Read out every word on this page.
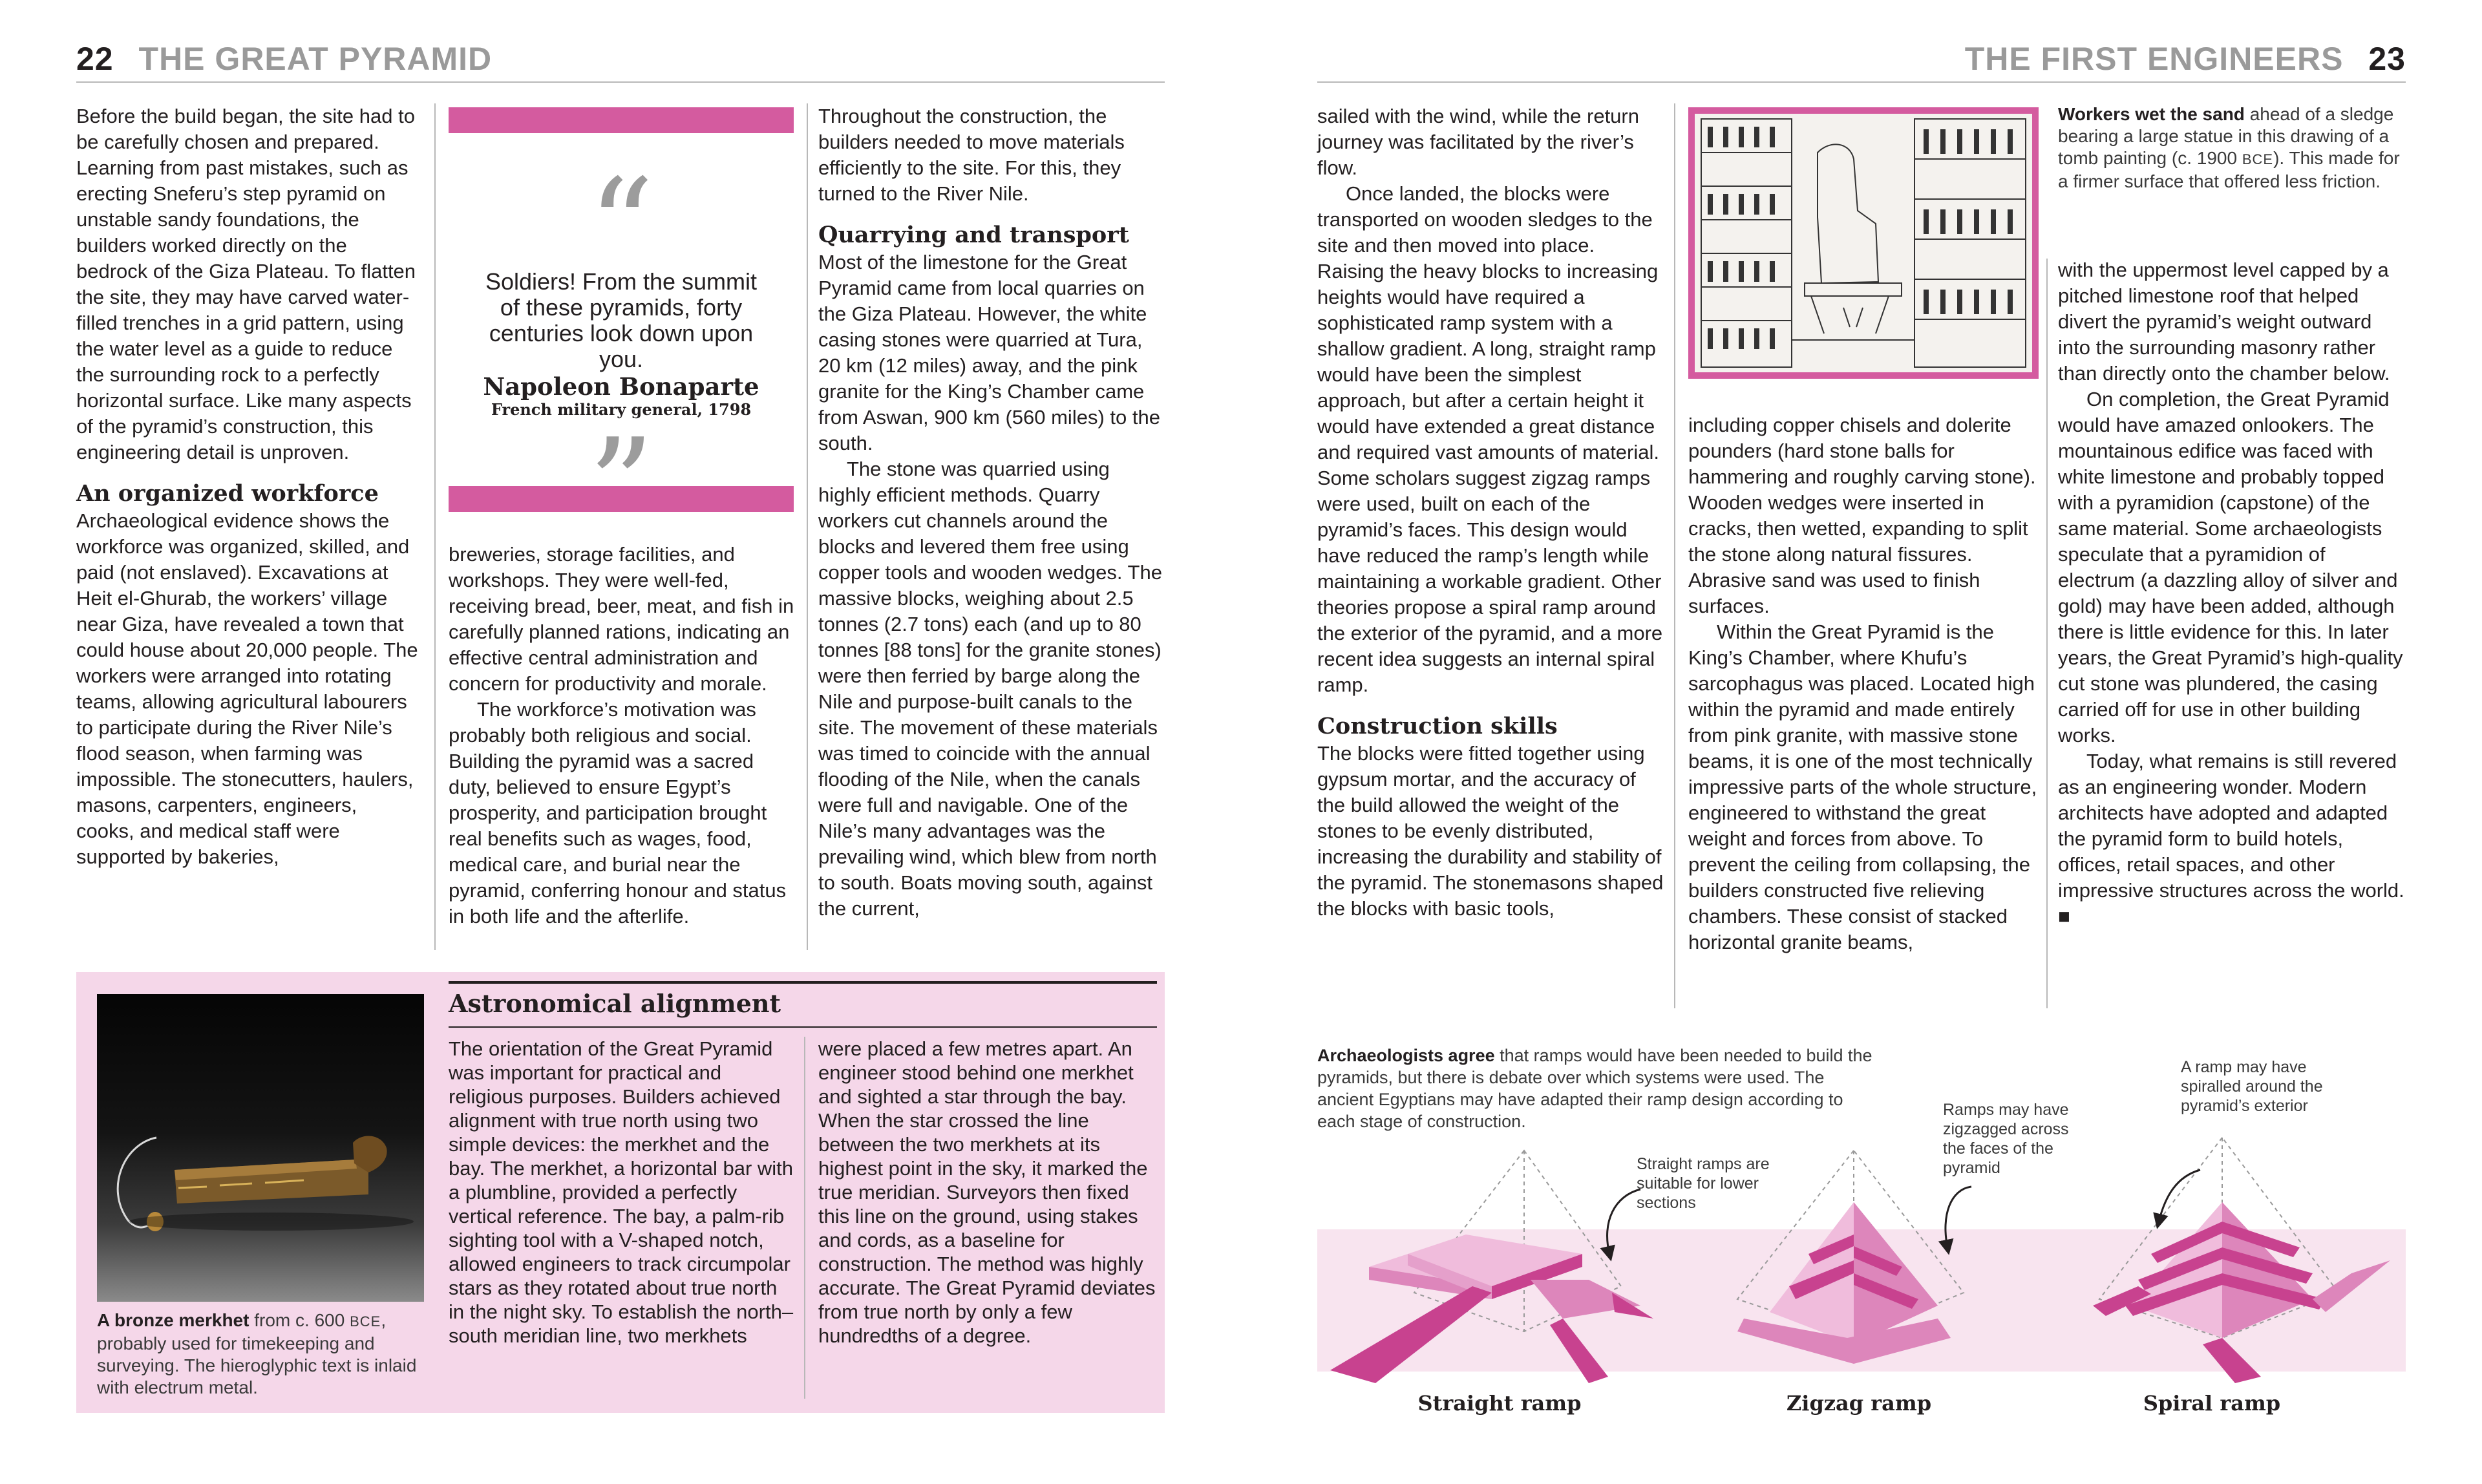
22 THE GREAT PYRAMID

Before the build began, the site had to be carefully chosen and prepared. Learning from past mistakes, such as erecting Sneferu’s step pyramid on unstable sandy foundations, the builders worked directly on the bedrock of the Giza Plateau. To flatten the site, they may have carved water-filled trenches in a grid pattern, using the water level as a guide to reduce the surrounding rock to a perfectly horizontal surface. Like many aspects of the pyramid’s construction, this engineering detail is unproven.

An organized workforce

Archaeological evidence shows the workforce was organized, skilled, and paid (not enslaved). Excavations at Heit el-Ghurab, the workers’ village near Giza, have revealed a town that could house about 20,000 people. The workers were arranged into rotating teams, allowing agricultural labourers to participate during the River Nile’s flood season, when farming was impossible. The stonecutters, haulers, masons, carpenters, engineers, cooks, and medical staff were supported by bakeries,

“
Soldiers! From the summit of these pyramids, forty centuries look down upon you.
Napoleon Bonaparte
French military general, 1798

breweries, storage facilities, and workshops. They were well-fed, receiving bread, beer, meat, and fish in carefully planned rations, indicating an effective central administration and concern for productivity and morale.

The workforce’s motivation was probably both religious and social. Building the pyramid was a sacred duty, believed to ensure Egypt’s prosperity, and participation brought real benefits such as wages, food, medical care, and burial near the pyramid, conferring honour and status in both life and the afterlife.

Throughout the construction, the builders needed to move materials efficiently to the site. For this, they turned to the River Nile.

Quarrying and transport

Most of the limestone for the Great Pyramid came from local quarries on the Giza Plateau. However, the white casing stones were quarried at Tura, 20 km (12 miles) away, and the pink granite for the King’s Chamber came from Aswan, 900 km (560 miles) to the south.

The stone was quarried using highly efficient methods. Quarry workers cut channels around the blocks and levered them free using copper tools and wooden wedges. The massive blocks, weighing about 2.5 tonnes (2.7 tons) each (and up to 80 tonnes [88 tons] for the granite stones) were then ferried by barge along the Nile and purpose-built canals to the site. The movement of these materials was timed to coincide with the annual flooding of the Nile, when the canals were full and navigable. One of the Nile’s many advantages was the prevailing wind, which blew from north to south. Boats moving south, against the current,

A bronze merkhet from c. 600 BCE, probably used for timekeeping and surveying. The hieroglyphic text is inlaid with electrum metal.
Astronomical alignment
The orientation of the Great Pyramid was important for practical and religious purposes. Builders achieved alignment with true north using two simple devices: the merkhet and the bay. The merkhet, a horizontal bar with a plumbline, provided a perfectly vertical reference. The bay, a palm-rib sighting tool with a V-shaped notch, allowed engineers to track circumpolar stars as they rotated about true north in the night sky. To establish the north–south meridian line, two merkhets
were placed a few metres apart. An engineer stood behind one merkhet and sighted a star through the bay. When the star crossed the line between the two merkhets at its highest point in the sky, it marked the true meridian. Surveyors then fixed this line on the ground, using stakes and cords, as a baseline for construction. The method was highly accurate. The Great Pyramid deviates from true north by only a few hundredths of a degree.
THE FIRST ENGINEERS 23

sailed with the wind, while the return journey was facilitated by the river’s flow.

Once landed, the blocks were transported on wooden sledges to the site and then moved into place. Raising the heavy blocks to increasing heights would have required a sophisticated ramp system with a shallow gradient. A long, straight ramp would have been the simplest approach, but after a certain height it would have extended a great distance and required vast amounts of material. Some scholars suggest zigzag ramps were used, built on each of the pyramid’s faces. This design would have reduced the ramp’s length while maintaining a workable gradient. Other theories propose a spiral ramp around the exterior of the pyramid, and a more recent idea suggests an internal spiral ramp.

Construction skills

The blocks were fitted together using gypsum mortar, and the accuracy of the build allowed the weight of the stones to be evenly distributed, increasing the durability and stability of the pyramid. The stonemasons shaped the blocks with basic tools,

Workers wet the sand ahead of a sledge bearing a large statue in this drawing of a tomb painting (c. 1900 BCE). This made for a firmer surface that offered less friction.

including copper chisels and dolerite pounders (hard stone balls for hammering and roughly carving stone). Wooden wedges were inserted in cracks, then wetted, expanding to split the stone along natural fissures. Abrasive sand was used to finish surfaces.

Within the Great Pyramid is the King’s Chamber, where Khufu’s sarcophagus was placed. Located high within the pyramid and made entirely from pink granite, with massive stone beams, it is one of the most technically impressive parts of the whole structure, engineered to withstand the great weight and forces from above. To prevent the ceiling from collapsing, the builders constructed five relieving chambers. These consist of stacked horizontal granite beams,

with the uppermost level capped by a pitched limestone roof that helped divert the pyramid’s weight outward into the surrounding masonry rather than directly onto the chamber below.

On completion, the Great Pyramid would have amazed onlookers. The mountainous edifice was faced with white limestone and probably topped with a pyramidion (capstone) of the same material. Some archaeologists speculate that a pyramidion of electrum (a dazzling alloy of silver and gold) may have been added, although there is little evidence for this. In later years, the Great Pyramid’s high-quality cut stone was plundered, the casing carried off for use in other building works.

Today, what remains is still revered as an engineering wonder. Modern architects have adopted and adapted the pyramid form to build hotels, offices, retail spaces, and other impressive structures across the world. ■

Archaeologists agree that ramps would have been needed to build the pyramids, but there is debate over which systems were used. The ancient Egyptians may have adapted their ramp design according to each stage of construction.
Straight ramps are suitable for lower sections
Ramps may have zigzagged across the faces of the pyramid
A ramp may have spiralled around the pyramid’s exterior
Straight ramp	Zigzag ramp	Spiral ramp
